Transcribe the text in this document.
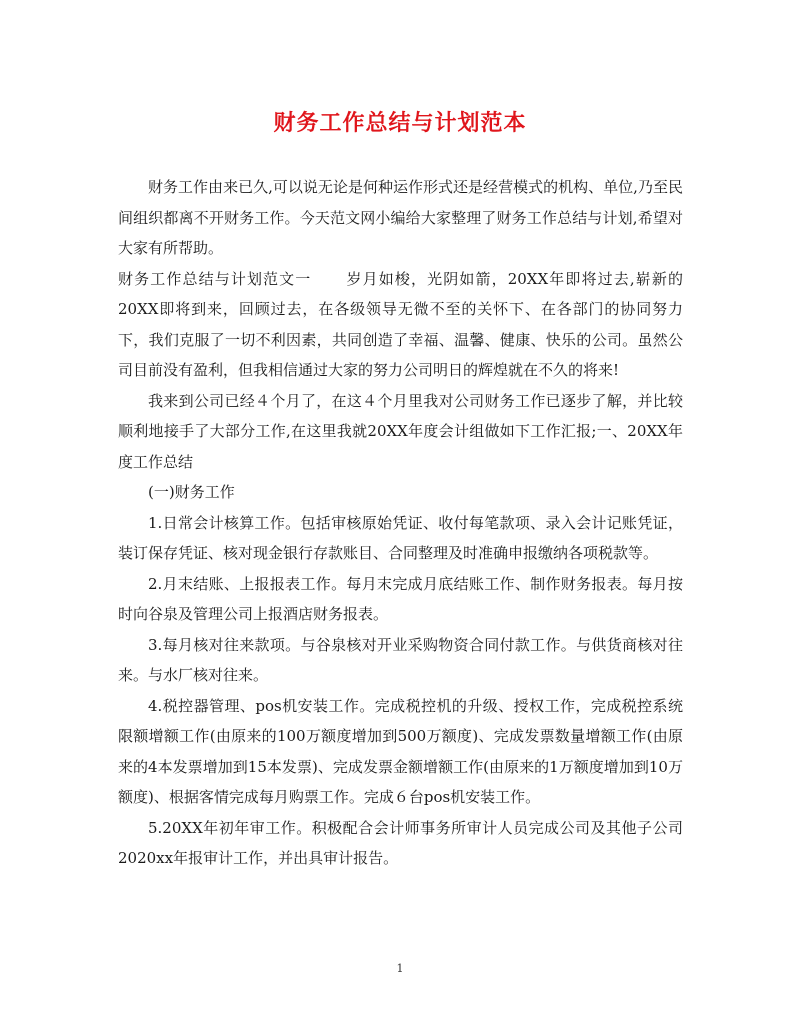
财务工作总结与计划范本

财务工作由来已久,可以说无论是何种运作形式还是经营模式的机构、单位,乃至民间组织都离不开财务工作。今天范文网小编给大家整理了财务工作总结与计划,希望对大家有所帮助。

财务工作总结与计划范文一 岁月如梭，光阴如箭，20XX年即将过去,崭新的20XX即将到来，回顾过去，在各级领导无微不至的关怀下、在各部门的协同努力下，我们克服了一切不利因素，共同创造了幸福、温馨、健康、快乐的公司。虽然公司目前没有盈利，但我相信通过大家的努力公司明日的辉煌就在不久的将来!

我来到公司已经４个月了，在这４个月里我对公司财务工作已逐步了解，并比较顺利地接手了大部分工作,在这里我就20XX年度会计组做如下工作汇报;一、20XX年度工作总结

(一)财务工作

1.日常会计核算工作。包括审核原始凭证、收付每笔款项、录入会计记账凭证，装订保存凭证、核对现金银行存款账目、合同整理及时准确申报缴纳各项税款等。

2.月末结账、上报报表工作。每月末完成月底结账工作、制作财务报表。每月按时向谷泉及管理公司上报酒店财务报表。

3.每月核对往来款项。与谷泉核对开业采购物资合同付款工作。与供货商核对往来。与水厂核对往来。

4.税控器管理、pos机安装工作。完成税控机的升级、授权工作，完成税控系统限额增额工作(由原来的100万额度增加到500万额度)、完成发票数量增额工作(由原来的4本发票增加到15本发票)、完成发票金额增额工作(由原来的1万额度增加到10万额度)、根据客情完成每月购票工作。完成６台pos机安装工作。

5.20XX年初年审工作。积极配合会计师事务所审计人员完成公司及其他子公司2020xx年报审计工作，并出具审计报告。

1
